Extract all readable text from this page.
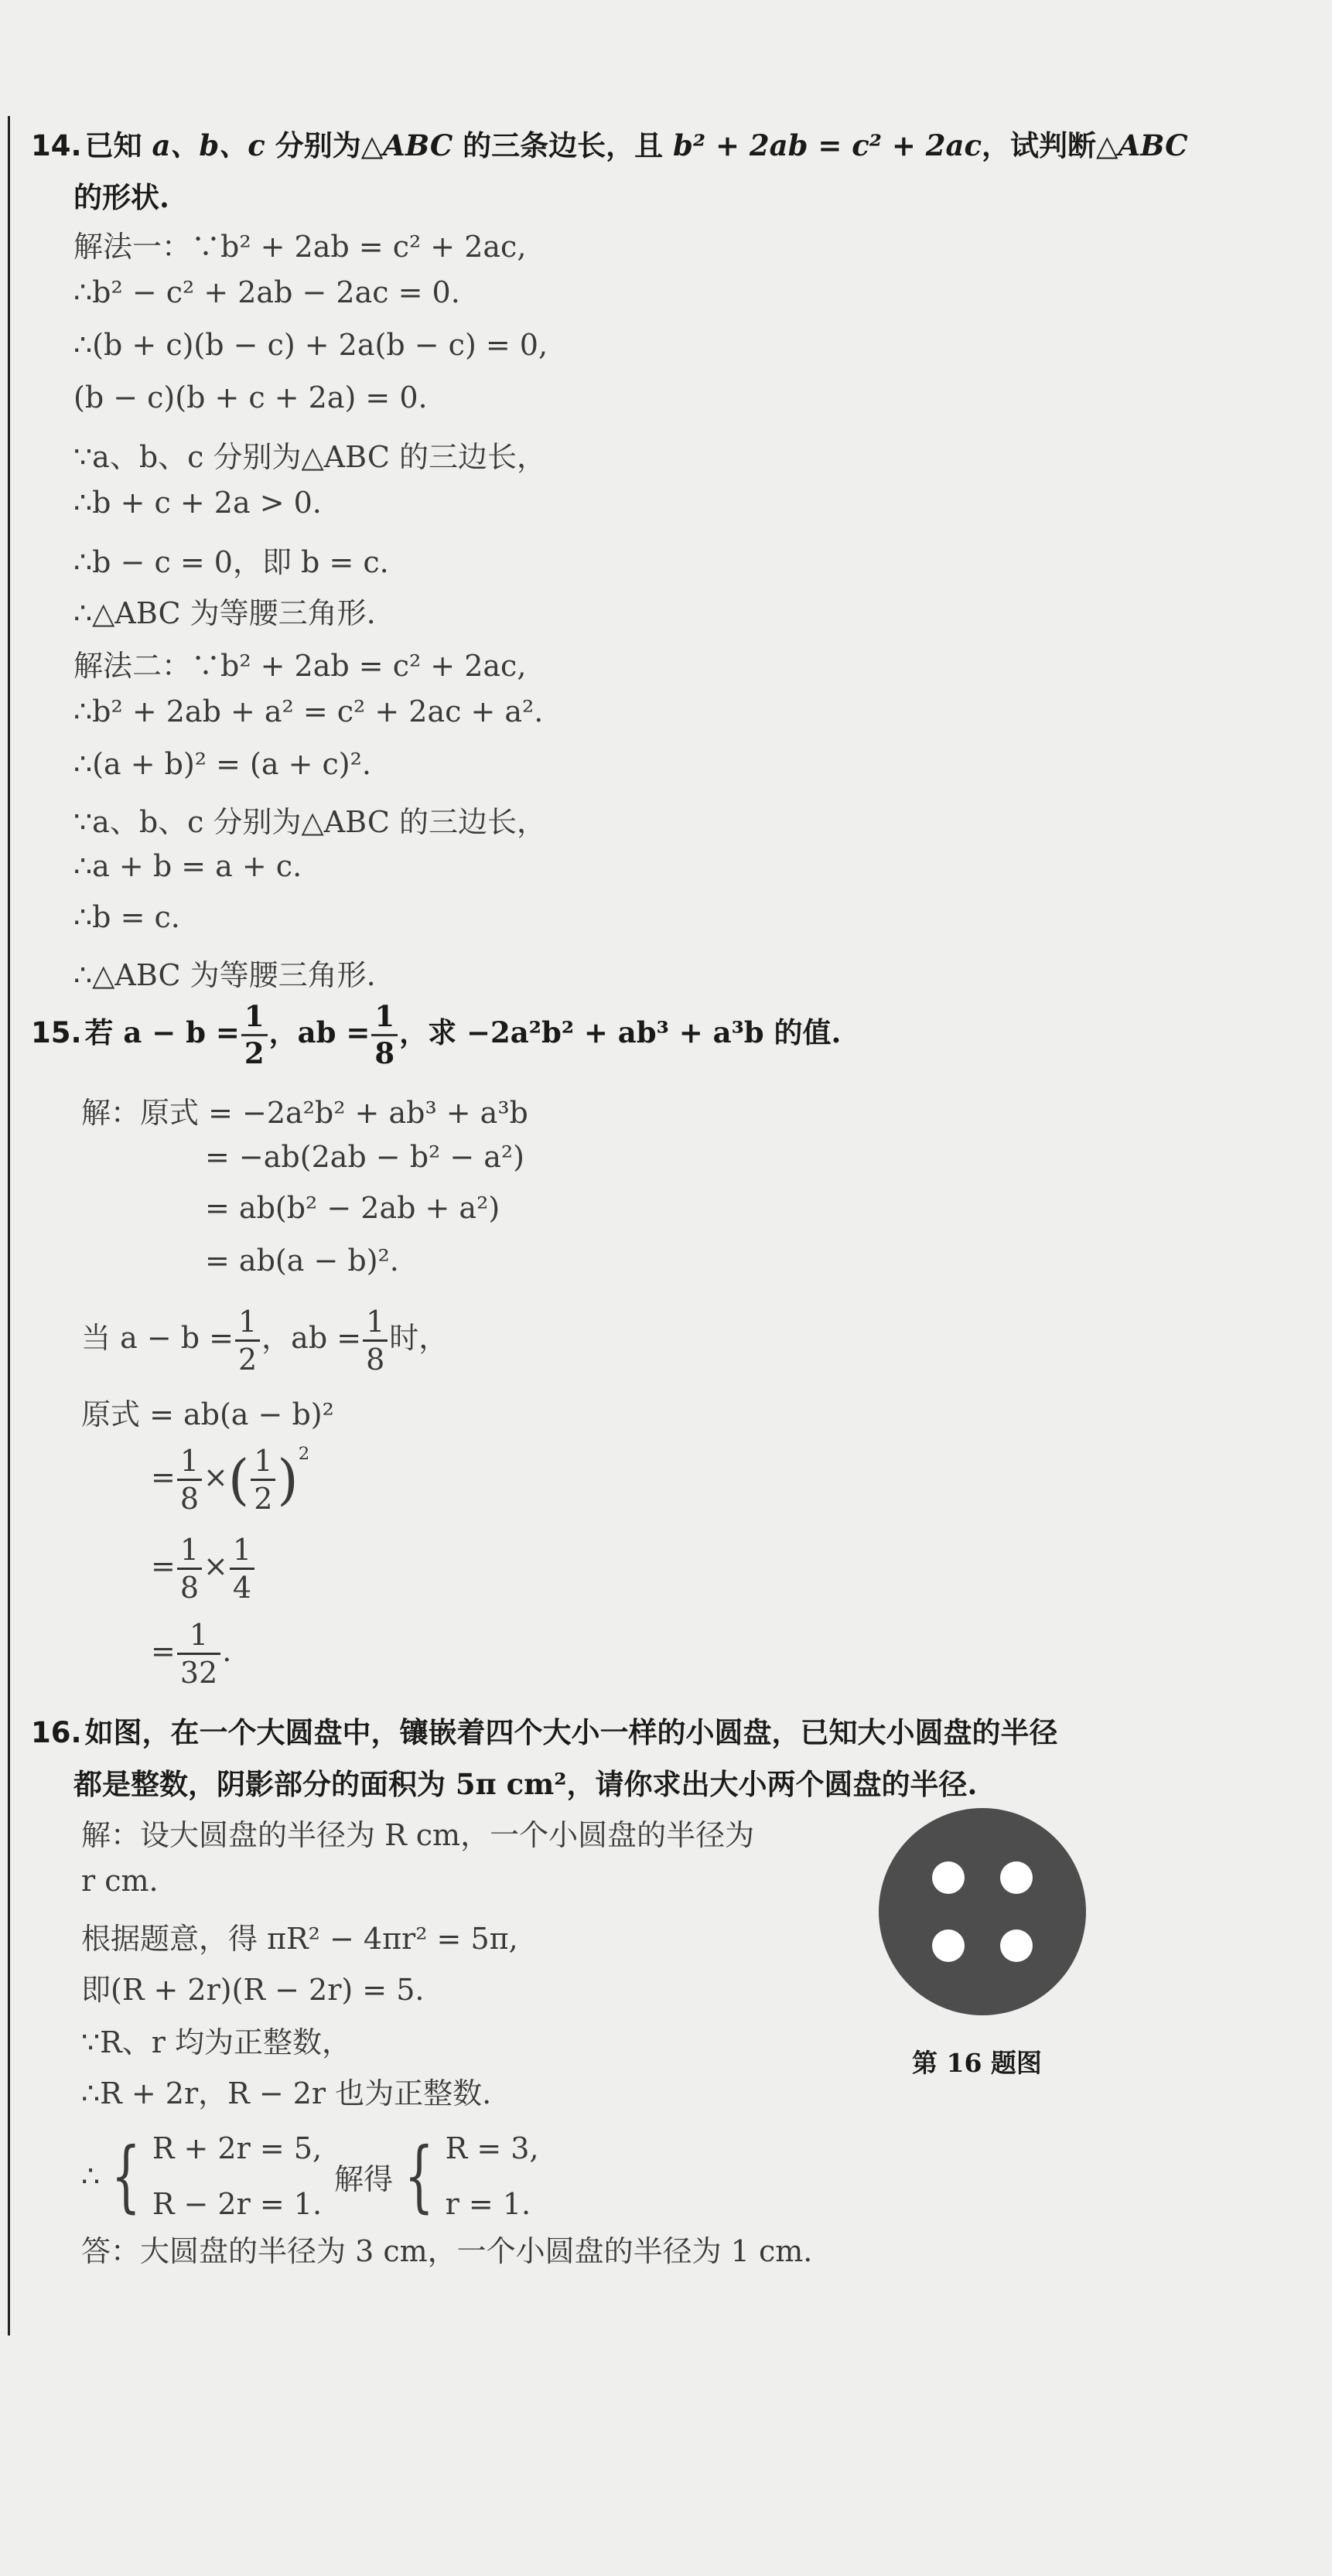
14. 已知 a、b、c 分别为△ABC 的三条边长，且 b² + 2ab = c² + 2ac，试判断△ABC
的形状.
解法一：∵b² + 2ab = c² + 2ac,
∴b² − c² + 2ab − 2ac = 0.
∴(b + c)(b − c) + 2a(b − c) = 0,
(b − c)(b + c + 2a) = 0.
∵a、b、c 分别为△ABC 的三边长，
∴b + c + 2a > 0.
∴b − c = 0，即 b = c.
∴△ABC 为等腰三角形.
解法二：∵b² + 2ab = c² + 2ac,
∴b² + 2ab + a² = c² + 2ac + a².
∴(a + b)² = (a + c)².
∵a、b、c 分别为△ABC 的三边长，
∴a + b = a + c.
∴b = c.
∴△ABC 为等腰三角形.
15. 若 $a - b = \frac{1}{2}$ ，ab = $\frac{1}{8}$ ，求 −2a²b² + ab³ + a³b 的值.
解：原式 = −2a²b² + ab³ + a³b
= −ab(2ab − b² − a²)
= ab(b² − 2ab + a²)
= ab(a − b)².
当 $a - b = \frac{1}{2}$ ，ab = $\frac{1}{8}$ 时，
原式 = ab(a − b)²
= $\frac{1}{8}$ ×( $\frac{1}{2} )^2$
= $\frac{1}{8} \times \frac{1}{4}$
= $\frac{1}{32}$ .
16. 如图，在一个大圆盘中，镶嵌着四个大小一样的小圆盘，已知大小圆盘的半径
都是整数，阴影部分的面积为 5π cm²，请你求出大小两个圆盘的半径.
解：设大圆盘的半径为 R cm，一个小圆盘的半径为
r cm.
根据题意，得 πR² − 4πr² = 5π,
即(R + 2r)(R − 2r) = 5.
∵R、r 均为正整数，
∴R + 2r，R − 2r 也为正整数.
∴ { R + 2r = 5,
R − 2r = 1.
解得 { R = 3,
r = 1.
答：大圆盘的半径为 3 cm，一个小圆盘的半径为 1 cm.
第 16 题图
